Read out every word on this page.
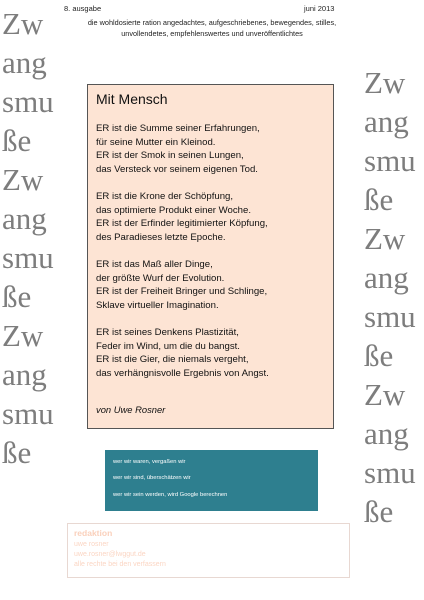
8. ausgabe	juni 2013
die wohldosierte ration angedachtes, aufgeschriebenes, bewegendes, stilles, unvollendetes, empfehlenswertes und unveröffentlichtes
Zw
ang
smu
ße
Zw
ang
smu
ße
Zw
ang
smu
ße
Zw
ang
smu
ße
Zw
ang
smu
ße
Zw
ang
smu
ße
Mit Mensch
ER ist die Summe seiner Erfahrungen,
für seine Mutter ein Kleinod.
ER ist der Smok in seinen Lungen,
das Versteck vor seinem eigenen Tod.
ER ist die Krone der Schöpfung,
das optimierte Produkt einer Woche.
ER ist der Erfinder legitimierter Köpfung,
des Paradieses letzte Epoche.
ER ist das Maß aller Dinge,
der größte Wurf der Evolution.
ER ist der Freiheit Bringer und Schlinge,
Sklave virtueller Imagination.
ER ist seines Denkens Plastizität,
Feder im Wind, um die du bangst.
ER ist die Gier, die niemals vergeht,
das verhängnisvolle Ergebnis von Angst.
von Uwe Rosner
wer wir waren, vergaßen wir
wer wir sind, überschätzen wir
wer wir sein werden, wird Google berechnen
redaktion
uwe rosner
uwe.rosner@lwggut.de
alle rechte bei den verfassern
